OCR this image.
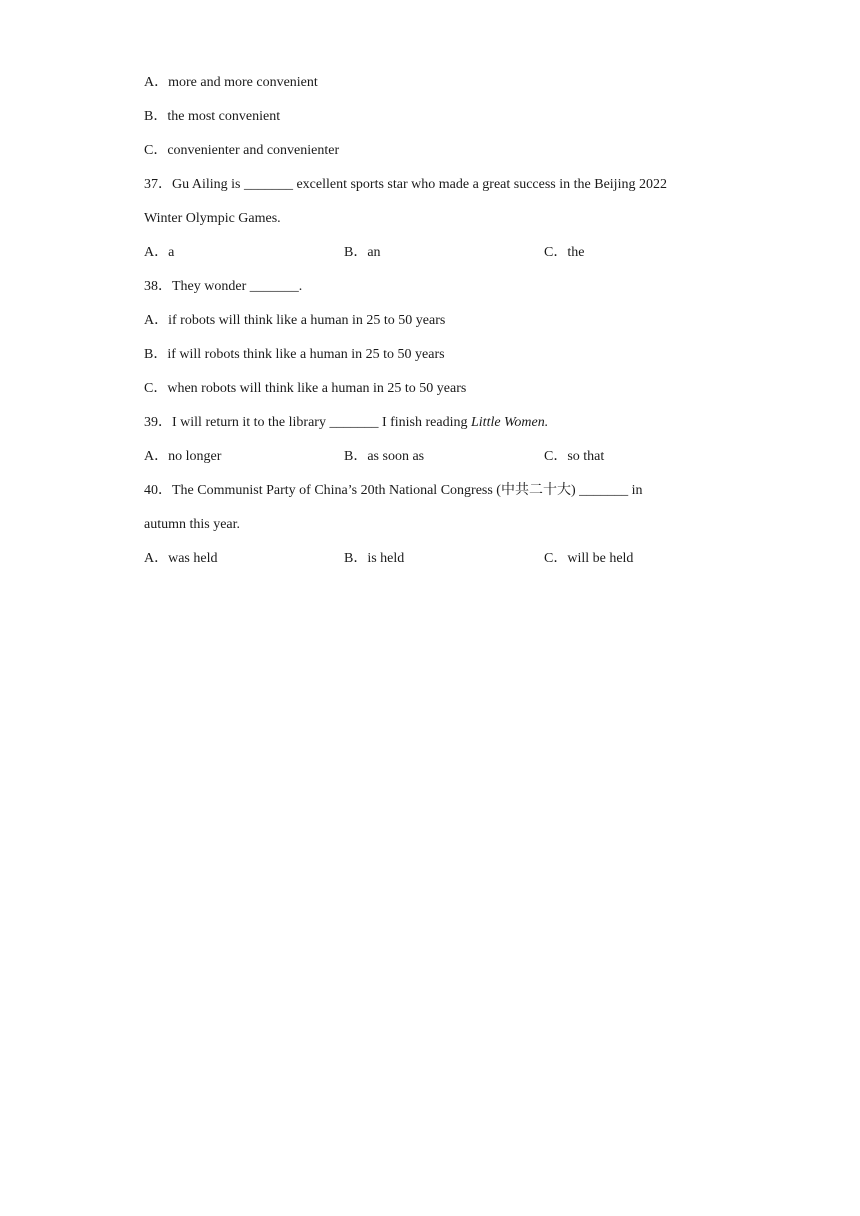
A．more and more convenient
B．the most convenient
C．convenienter and convenienter
37．Gu Ailing is _______ excellent sports star who made a great success in the Beijing 2022
Winter Olympic Games.
A．a	B．an	C．the
38．They wonder _______.
A．if robots will think like a human in 25 to 50 years
B．if will robots think like a human in 25 to 50 years
C．when robots will think like a human in 25 to 50 years
39．I will return it to the library _______ I finish reading Little Women.
A．no longer	B．as soon as	C．so that
40．The Communist Party of China’s 20th National Congress (中共二十大) _______ in
autumn this year.
A．was held	B．is held	C．will be held
